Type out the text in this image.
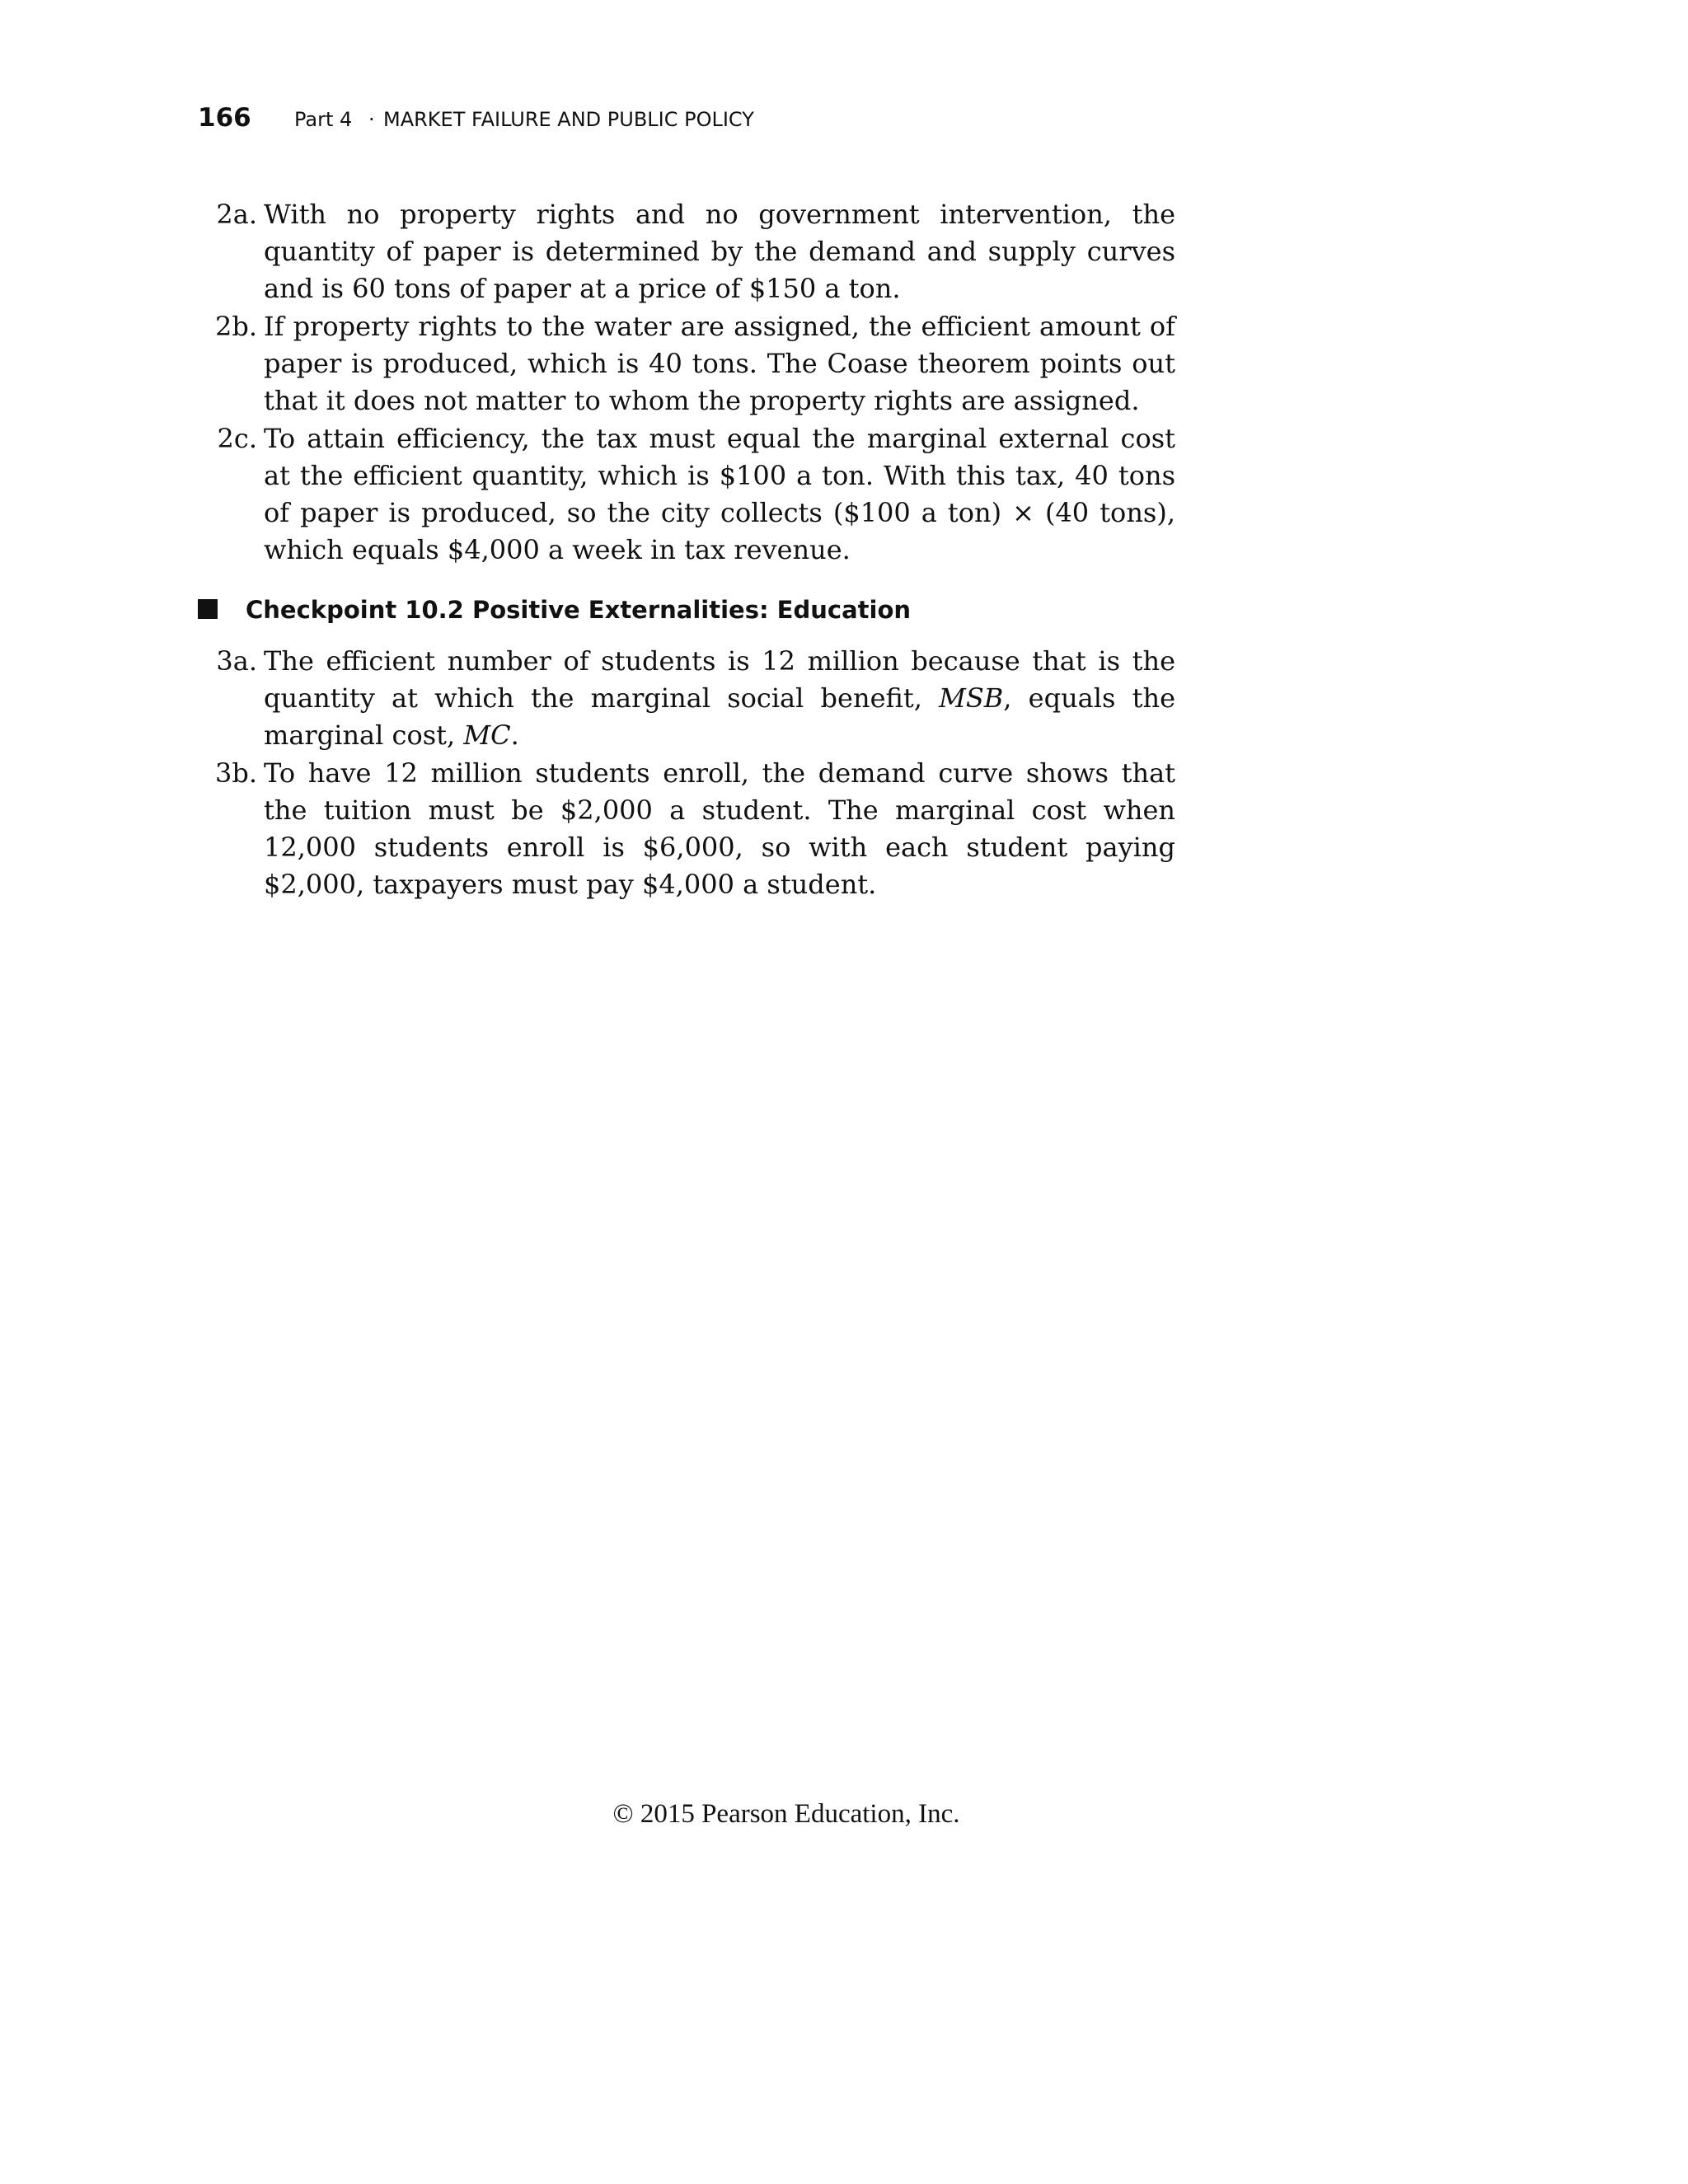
166 Part 4 · MARKET FAILURE AND PUBLIC POLICY
2a. With no property rights and no government intervention, the quantity of paper is determined by the demand and supply curves and is 60 tons of paper at a price of $150 a ton.
2b. If property rights to the water are assigned, the efficient amount of paper is produced, which is 40 tons. The Coase theorem points out that it does not matter to whom the property rights are assigned.
2c. To attain efficiency, the tax must equal the marginal external cost at the efficient quantity, which is $100 a ton. With this tax, 40 tons of paper is produced, so the city collects ($100 a ton) × (40 tons), which equals $4,000 a week in tax revenue.
Checkpoint 10.2 Positive Externalities: Education
3a. The efficient number of students is 12 million because that is the quantity at which the marginal social benefit, MSB, equals the marginal cost, MC.
3b. To have 12 million students enroll, the demand curve shows that the tuition must be $2,000 a student. The marginal cost when 12,000 students enroll is $6,000, so with each student paying $2,000, taxpayers must pay $4,000 a student.
© 2015 Pearson Education, Inc.
